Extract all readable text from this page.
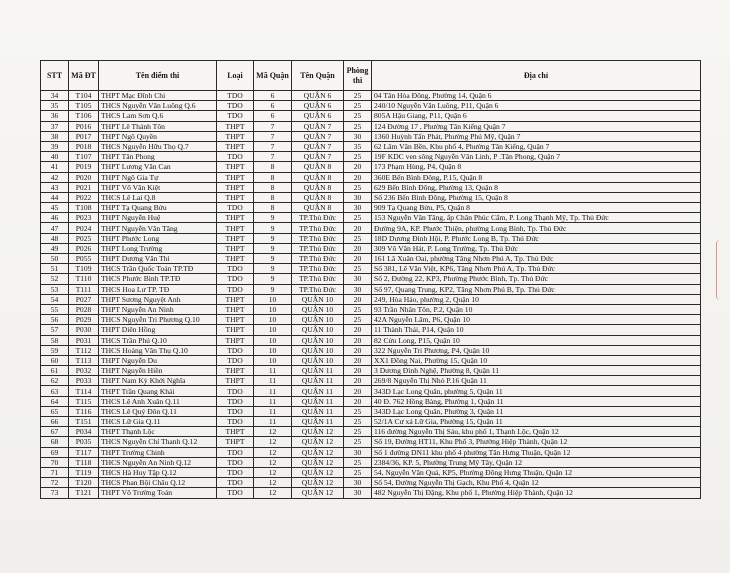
STT	Mã ĐT	Tên điểm thi	Loại	Mã Quận	Tên Quận	Phòng thi	Địa chỉ
34	T104	THPT Mạc Đĩnh Chi	TDO	6	QUẬN 6	25	04 Tân Hòa Đông, Phường 14, Quận 6
35	T105	THCS Nguyễn Văn Luông Q.6	TDO	6	QUẬN 6	25	240/10 Nguyễn Văn Luông, P11, Quận 6
36	T106	THCS Lam Sơn Q.6	TDO	6	QUẬN 6	25	805A Hậu Giang, P11, Quận 6
37	P016	THPT Lê Thánh Tôn	THPT	7	QUẬN 7	25	124 Đường 17 , Phường Tân Kiểng Quận 7
38	P017	THPT Ngô Quyền	THPT	7	QUẬN 7	30	1360 Huỳnh Tấn Phát, Phường Phú Mỹ, Quận 7
39	P018	THCS Nguyễn Hữu Thọ Q.7	THPT	7	QUẬN 7	35	62 Lâm Văn Bền, Khu phố 4, Phường Tân Kiểng, Quận 7
40	T107	THPT Tân Phong	TDO	7	QUẬN 7	25	19F KDC ven sông Nguyễn Văn Linh, P .Tân Phong, Quận 7
41	P019	THPT Lương Văn Can	THPT	8	QUẬN 8	20	173 Phạm Hùng, P4, Quận 8
42	P020	THPT Ngô Gia Tự	THPT	8	QUẬN 8	20	360E Bến Bình Đông, P.15, Quận 8
43	P021	THPT Võ Văn Kiệt	THPT	8	QUẬN 8	25	629 Bến Bình Đông, Phường 13, Quận 8
44	P022	THCS Lê Lai Q.8	THPT	8	QUẬN 8	30	Số 236 Bến Bình Đông, Phường 15, Quận 8
45	T108	THPT Tạ Quang Bửu	TDO	8	QUẬN 8	30	909 Tạ Quang Bửu, P5, Quận 8
46	P023	THPT Nguyễn Huệ	THPT	9	TP.Thủ Đức	25	153 Nguyễn Văn Tăng, ấp Chân Phúc Cẩm, P. Long Thạnh Mỹ, Tp. Thủ Đức
47	P024	THPT Nguyễn Văn Tăng	THPT	9	TP.Thủ Đức	20	Đường 9A, KP. Phước Thiện, phường Long Bình, Tp. Thủ Đức
48	P025	THPT Phước Long	THPT	9	TP.Thủ Đức	25	18D Dương Đình Hội, P. Phước Long B, Tp. Thủ Đức
49	P026	THPT Long Trường	THPT	9	TP.Thủ Đức	20	309 Võ Văn Hát, P. Long Trường, Tp. Thủ Đức
50	P055	THPT Dương Văn Thì	THPT	9	TP.Thủ Đức	20	161 Lã Xuân Oai, phường Tăng Nhơn Phú A, Tp. Thủ Đức
51	T109	THCS Trần Quốc Toản TP.TĐ	TDO	9	TP.Thủ Đức	25	Số 381, Lê Văn Việt, KP6, Tăng Nhơn Phú A, Tp. Thủ Đức
52	T110	THCS Phước Bình TP.TĐ	TDO	9	TP.Thủ Đức	30	Số 2, Đường 22, KP3, Phường Phước Bình, Tp. Thủ Đức
53	T111	THCS Hoa Lư TP. TĐ	TDO	9	TP.Thủ Đức	30	Số 97, Quang Trung, KP2, Tăng Nhơn Phú B, Tp. Thủ Đức
54	P027	THPT Sương Nguyệt Anh	THPT	10	QUẬN 10	20	249, Hòa Hảo, phường 2, Quận 10
55	P028	THPT Nguyễn An Ninh	THPT	10	QUẬN 10	25	93 Trần Nhân Tôn, P.2, Quận 10
56	P029	THCS Nguyễn Tri Phương Q.10	THPT	10	QUẬN 10	25	42A Nguyễn Lâm, P6, Quận 10
57	P030	THPT Diên Hồng	THPT	10	QUẬN 10	20	11 Thành Thái, P14, Quận 10
58	P031	THCS Trần Phú Q.10	THPT	10	QUẬN 10	20	82 Cửu Long, P15, Quận 10
59	T112	THCS Hoàng Văn Thụ Q.10	TDO	10	QUẬN 10	20	322 Nguyễn Tri Phương, P4, Quận 10
60	T113	THPT Nguyễn Du	TDO	10	QUẬN 10	20	XX1 Đồng Nai, Phường 15, Quận 10
61	P032	THPT Nguyễn Hiền	THPT	11	QUẬN 11	20	3 Dương Đình Nghệ, Phường 8, Quận 11
62	P033	THPT Nam Kỳ Khởi Nghĩa	THPT	11	QUẬN 11	20	269/8 Nguyễn Thị Nhỏ P.16 Quận 11
63	T114	THPT Trần Quang Khải	TDO	11	QUẬN 11	20	343D Lạc Long Quân, phường 5, Quận 11
64	T115	THCS Lê Anh Xuân Q.11	TDO	11	QUẬN 11	20	40 Đ. 762 Hồng Bàng, Phường 1, Quận 11
65	T116	THCS Lê Quý Đôn Q.11	TDO	11	QUẬN 11	25	343D Lạc Long Quân, Phường 3, Quận 11
66	T151	THCS Lữ Gia Q.11	TDO	11	QUẬN 11	25	52/1A Cư xá Lữ Gia, Phường 15, Quận 11
67	P034	THPT Thạnh Lộc	THPT	12	QUẬN 12	25	116 đường Nguyễn Thị Sáu, khu phố 1, Thạnh Lộc, Quận 12
68	P035	THCS Nguyễn Chí Thanh Q.12	THPT	12	QUẬN 12	25	Số 19, Đường HT11, Khu Phố 3, Phường Hiệp Thành, Quận 12
69	T117	THPT Trường Chinh	TDO	12	QUẬN 12	30	Số 1 đường DN11 khu phố 4 phường Tân Hưng Thuận, Quận 12
70	T118	THCS Nguyễn An Ninh Q.12	TDO	12	QUẬN 12	25	2384/36, KP. 5, Phường Trung Mỹ Tây, Quận 12
71	T119	THCS Hà Huy Tập Q.12	TDO	12	QUẬN 12	25	54, Nguyễn Văn Quá, KP5, Phường Đông Hưng Thuận, Quận 12
72	T120	THCS Phan Bội Châu Q.12	TDO	12	QUẬN 12	30	Số 54, Đường Nguyễn Thị Gạch, Khu Phố 4, Quận 12
73	T121	THPT Võ Trường Toản	TDO	12	QUẬN 12	30	482 Nguyễn Thị Đặng, Khu phố 1, Phường Hiệp Thành, Quận 12
